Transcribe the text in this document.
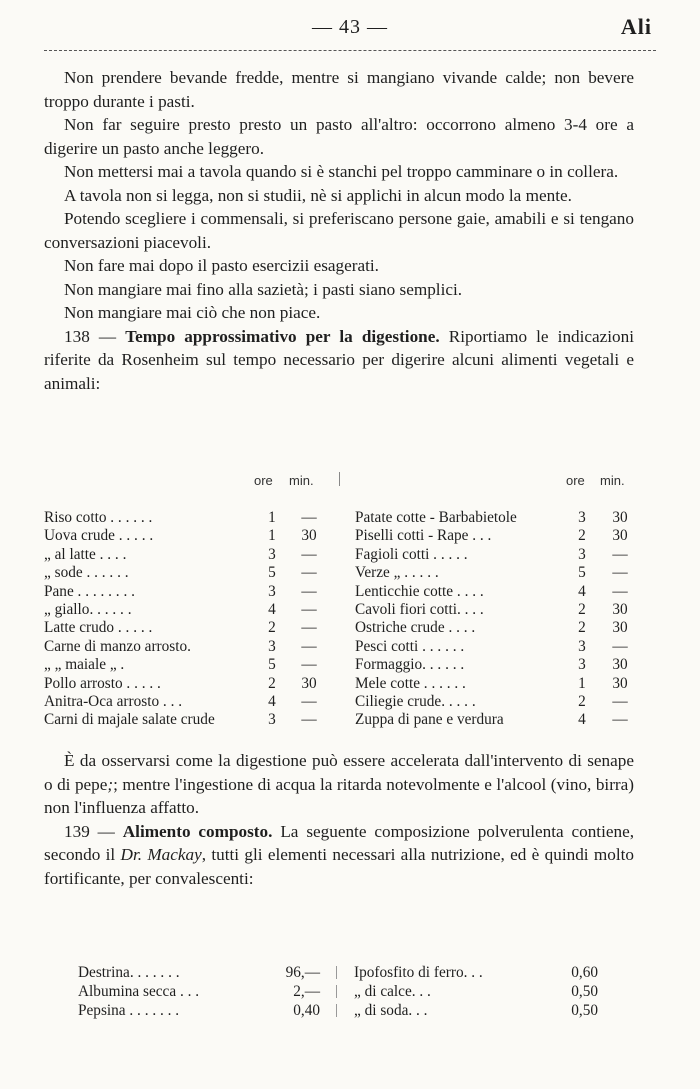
— 43 —	Ali

Non prendere bevande fredde, mentre si mangiano vivande calde; non bevere troppo durante i pasti.

Non far seguire presto presto un pasto all'altro: occorrono almeno 3-4 ore a digerire un pasto anche leggero.

Non mettersi mai a tavola quando si è stanchi pel troppo camminare o in collera.

A tavola non si legga, non si studii, nè si applichi in alcun modo la mente.

Potendo scegliere i commensali, si preferiscano persone gaie, amabili e si tengano conversazioni piacevoli.

Non fare mai dopo il pasto esercizii esagerati.

Non mangiare mai fino alla sazietà; i pasti siano semplici.

Non mangiare mai ciò che non piace.

138 — Tempo approssimativo per la digestione. Riportiamo le indicazioni riferite da Rosenheim sul tempo necessario per digerire alcuni alimenti vegetali e animali:

ore min.	ore min.
Riso cotto . . . . . .	1	—
Uova crude . . . . .	1	30
„ al latte . . . .	3	—
„ sode . . . . . .	5	—
Pane . . . . . . . .	3	—
„ giallo. . . . . .	4	—
Latte crudo . . . . .	2	—
Carne di manzo arrosto.	3	—
„ „ maiale „ .	5	—
Pollo arrosto . . . . .	2	30
Anitra-Oca arrosto . . .	4	—
Carni di majale salate crude	3	—
Patate cotte - Barbabietole	3	30
Piselli cotti - Rape . . .	2	30
Fagioli cotti . . . . .	3	—
Verze „ . . . . .	5	—
Lenticchie cotte . . . .	4	—
Cavoli fiori cotti. . . .	2	30
Ostriche crude . . . .	2	30
Pesci cotti . . . . . .	3	—
Formaggio. . . . . .	3	30
Mele cotte . . . . . .	1	30
Ciliegie crude. . . . .	2	—
Zuppa di pane e verdura	4	—

È da osservarsi come la digestione può essere accelerata dall'intervento di senape o di pepe;; mentre l'ingestione di acqua la ritarda notevolmente e l'alcool (vino, birra) non l'influenza affatto.

139 — Alimento composto. La seguente composizione polverulenta contiene, secondo il Dr. Mackay, tutti gli elementi necessari alla nutrizione, ed è quindi molto fortificante, per convalescenti:

Destrina. . . . . . .	96,— Ipofosfito di ferro. . .	0,60
Albumina secca . . .	2,— „ di calce. . .	0,50
Pepsina . . . . . . .	0,40 „ di soda. . .	0,50
